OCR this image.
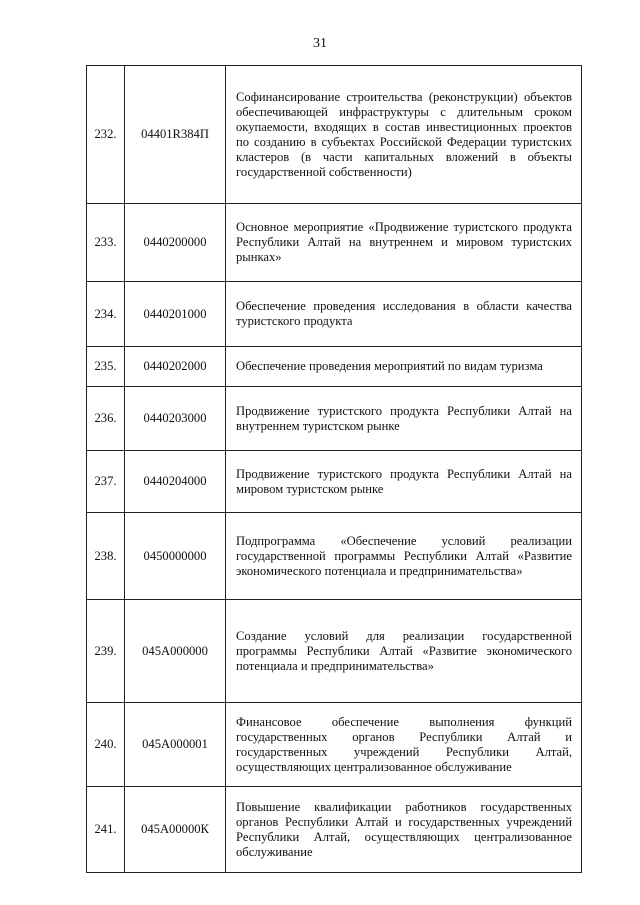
31
232.	04401R384П	Софинансирование строительства (реконструкции) объектов обеспечивающей инфраструктуры с длительным сроком окупаемости, входящих в состав инвестиционных проектов по созданию в субъектах Российской Федерации туристских кластеров (в части капитальных вложений в объекты государственной собственности)

233.	0440200000	Основное мероприятие «Продвижение туристского продукта Республики Алтай на внутреннем и мировом туристских рынках»

234.	0440201000	Обеспечение проведения исследования в области качества туристского продукта

235.	0440202000	Обеспечение проведения мероприятий по видам туризма

236.	0440203000	Продвижение туристского продукта Республики Алтай на внутреннем туристском рынке

237.	0440204000	Продвижение туристского продукта Республики Алтай на мировом туристском рынке

238.	0450000000	Подпрограмма «Обеспечение условий реализации государственной программы Республики Алтай «Развитие экономического потенциала и предпринимательства»

239.	045А000000	Создание условий для реализации государственной программы Республики Алтай «Развитие экономического потенциала и предпринимательства»

240.	045А000001	Финансовое обеспечение выполнения функций государственных органов Республики Алтай и государственных учреждений Республики Алтай, осуществляющих централизованное обслуживание

241.	045А00000К	Повышение квалификации работников государственных органов Республики Алтай и государственных учреждений Республики Алтай, осуществляющих централизованное обслуживание
